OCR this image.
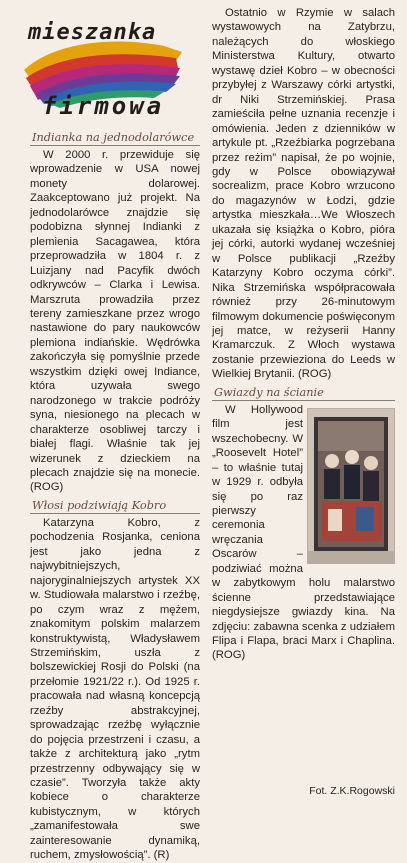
mieszanka
firmowa
Indianka na jednodolarówce

W 2000 r. przewiduje się wprowadzenie w USA nowej monety dolarowej. Zaakceptowano już projekt. Na jednodolarówce znajdzie się podobizna słynnej Indianki z plemienia Sacagawea, która przeprowadziła w 1804 r. z Luizjany nad Pacyfik dwóch odkrywców – Clarka i Lewisa. Marszruta prowadziła przez tereny zamieszkane przez wrogo nastawione do pary naukowców plemiona indiańskie. Wędrówka zakończyła się pomyślnie przede wszystkim dzięki owej Indiance, która uzywała swego narodzonego w trakcie podróży syna, niesionego na plecach w charakterze osobliwej tarczy i białej flagi. Właśnie tak jej wizerunek z dzieckiem na plecach znajdzie się na monecie. (ROG)

Włosi podziwiają Kobro

Katarzyna Kobro, z pochodzenia Rosjanka, ceniona jest jako jedna z najwybitniejszych, najoryginalniejszych artystek XX w. Studiowała malarstwo i rzeźbę, po czym wraz z mężem, znakomitym polskim malarzem konstruktywistą, Władysławem Strzemińskim, uszła z bolszewickiej Rosji do Polski (na przełomie 1921/22 r.). Od 1925 r. pracowała nad własną koncepcją rzeźby abstrakcyjnej, sprowadzając rzeźbę wyłącznie do pojęcia przestrzeni i czasu, a także z architekturą jako „rytm przestrzenny odbywający się w czasie”. Tworzyła także akty kobiece o charakterze kubistycznym, w których „zamanifestowała swe zainteresowanie dynamiką, ruchem, zmysłowością”. (R)

Ostatnio w Rzymie w salach wystawowych na Zatybrzu, należących do włoskiego Ministerstwa Kultury, otwarto wystawę dzieł Kobro – w obecności przybyłej z Warszawy córki artystki, dr Niki Strzemińskiej. Prasa zamieściła pełne uznania recenzje i omówienia. Jeden z dzienników w artykule pt. „Rzeźbiarka pogrzebana przez reżim” napisał, że po wojnie, gdy w Polsce obowiązywał socrealizm, prace Kobro wrzucono do magazynów w Łodzi, gdzie artystka mieszkała…We Włoszech ukazała się książka o Kobro, pióra jej córki, autorki wydanej wcześniej w Polsce publikacji „Rzeźby Katarzyny Kobro oczyma córki”. Nika Strzemińska współpracowała również przy 26-minutowym filmowym dokumencie poświęconym jej matce, w reżyserii Hanny Kramarczuk. Z Włoch wystawa zostanie przewieziona do Leeds w Wielkiej Brytanii. (ROG)

Gwiazdy na ścianie

W Hollywood film jest wszechobecny. W „Roosevelt Hotel” – to właśnie tutaj w 1929 r. odbyła się po raz pierwszy ceremonia wręczania Oscarów – podziwiać można w zabytkowym holu malarstwo ścienne przedstawiające niegdysiejsze gwiazdy kina. Na zdjęciu: zabawna scenka z udziałem Flipa i Flapa, braci Marx i Chaplina. (ROG)

Fot. Z.K.Rogowski
